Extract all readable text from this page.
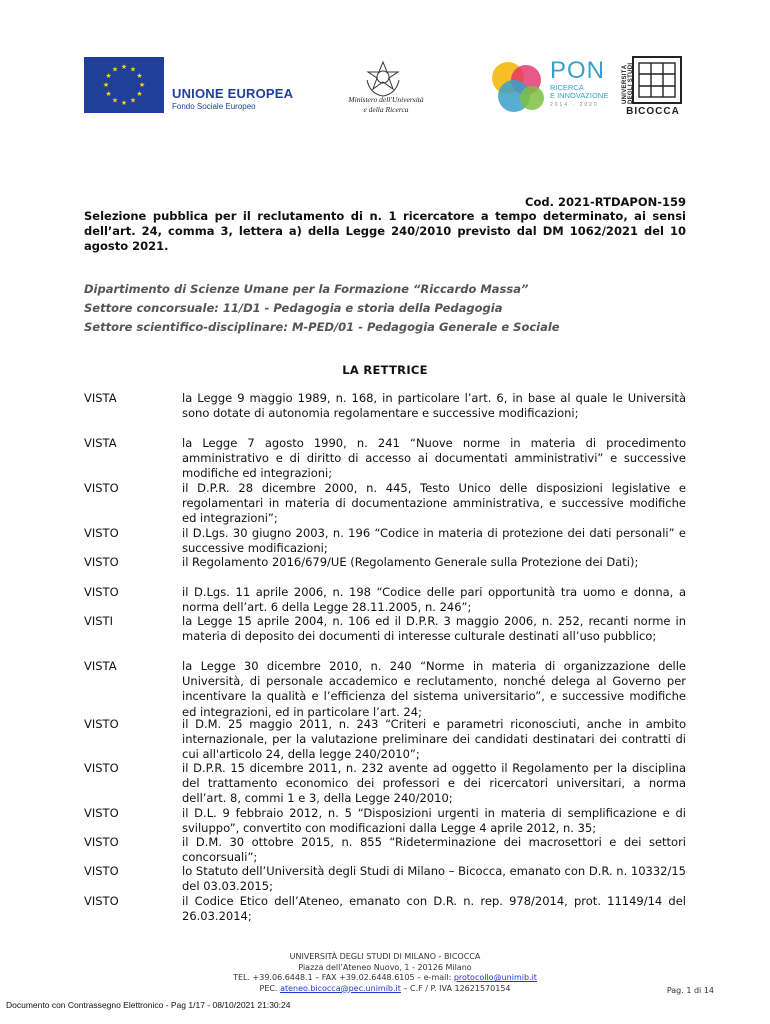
★ ★
★
★
★
★
★
★
★
★
★
★
UNIONE EUROPEA
Fondo Sociale Europeo
Ministero dell'Università
e della Ricerca
PON
RICERCA
E INNOVAZIONE
2014 · 2020
UNIVERSITÀ DEGLI STUDI
BICOCCA
Cod. 2021-RTDAPON-159
Selezione pubblica per il reclutamento di n. 1 ricercatore a tempo determinato, ai sensi dell’art. 24, comma 3, lettera a) della Legge 240/2010 previsto dal DM 1062/2021 del 10 agosto 2021.
Dipartimento di Scienze Umane per la Formazione “Riccardo Massa”
Settore concorsuale: 11/D1 - Pedagogia e storia della Pedagogia
Settore scientifico-disciplinare: M-PED/01 - Pedagogia Generale e Sociale
LA RETTRICE
VISTA	la Legge 9 maggio 1989, n. 168, in particolare l’art. 6, in base al quale le Università sono dotate di autonomia regolamentare e successive modificazioni;
VISTA	la Legge 7 agosto 1990, n. 241 “Nuove norme in materia di procedimento amministrativo e di diritto di accesso ai documentati amministrativi” e successive modifiche ed integrazioni;
VISTO	il D.P.R. 28 dicembre 2000, n. 445, Testo Unico delle disposizioni legislative e regolamentari in materia di documentazione amministrativa, e successive modifiche ed integrazioni”;
VISTO	il D.Lgs. 30 giugno 2003, n. 196 “Codice in materia di protezione dei dati personali” e successive modificazioni;
VISTO	il Regolamento 2016/679/UE (Regolamento Generale sulla Protezione dei Dati);
VISTO	il D.Lgs. 11 aprile 2006, n. 198 “Codice delle pari opportunità tra uomo e donna, a norma dell’art. 6 della Legge 28.11.2005, n. 246”;
VISTI	la Legge 15 aprile 2004, n. 106 ed il D.P.R. 3 maggio 2006, n. 252, recanti norme in materia di deposito dei documenti di interesse culturale destinati all’uso pubblico;
VISTA	la Legge 30 dicembre 2010, n. 240 “Norme in materia di organizzazione delle Università, di personale accademico e reclutamento, nonché delega al Governo per incentivare la qualità e l’efficienza del sistema universitario”, e successive modifiche ed integrazioni, ed in particolare l’art. 24;
VISTO	il D.M. 25 maggio 2011, n. 243 “Criteri e parametri riconosciuti, anche in ambito internazionale, per la valutazione preliminare dei candidati destinatari dei contratti di cui all'articolo 24, della legge 240/2010”;
VISTO	il D.P.R. 15 dicembre 2011, n. 232 avente ad oggetto il Regolamento per la disciplina del trattamento economico dei professori e dei ricercatori universitari, a norma dell’art. 8, commi 1 e 3, della Legge 240/2010;
VISTO	il D.L. 9 febbraio 2012, n. 5 “Disposizioni urgenti in materia di semplificazione e di sviluppo”, convertito con modificazioni dalla Legge 4 aprile 2012, n. 35;
VISTO	il D.M. 30 ottobre 2015, n. 855 “Rideterminazione dei macrosettori e dei settori concorsuali”;
VISTO	lo Statuto dell’Università degli Studi di Milano – Bicocca, emanato con D.R. n. 10332/15 del 03.03.2015;
VISTO	il Codice Etico dell’Ateneo, emanato con D.R. n. rep. 978/2014, prot. 11149/14 del 26.03.2014;
UNIVERSITÀ DEGLI STUDI DI MILANO - BICOCCA
Piazza dell’Ateneo Nuovo, 1 - 20126 Milano
TEL. +39.06.6448.1 – FAX +39.02.6448.6105 – e-mail: protocollo@unimib.it
PEC. ateneo.bicocca@pec.unimib.it – C.F / P. IVA 12621570154	Pag. 1 di 14
Documento con Contrassegno Elettronico - Pag 1/17 - 08/10/2021 21:30:24
